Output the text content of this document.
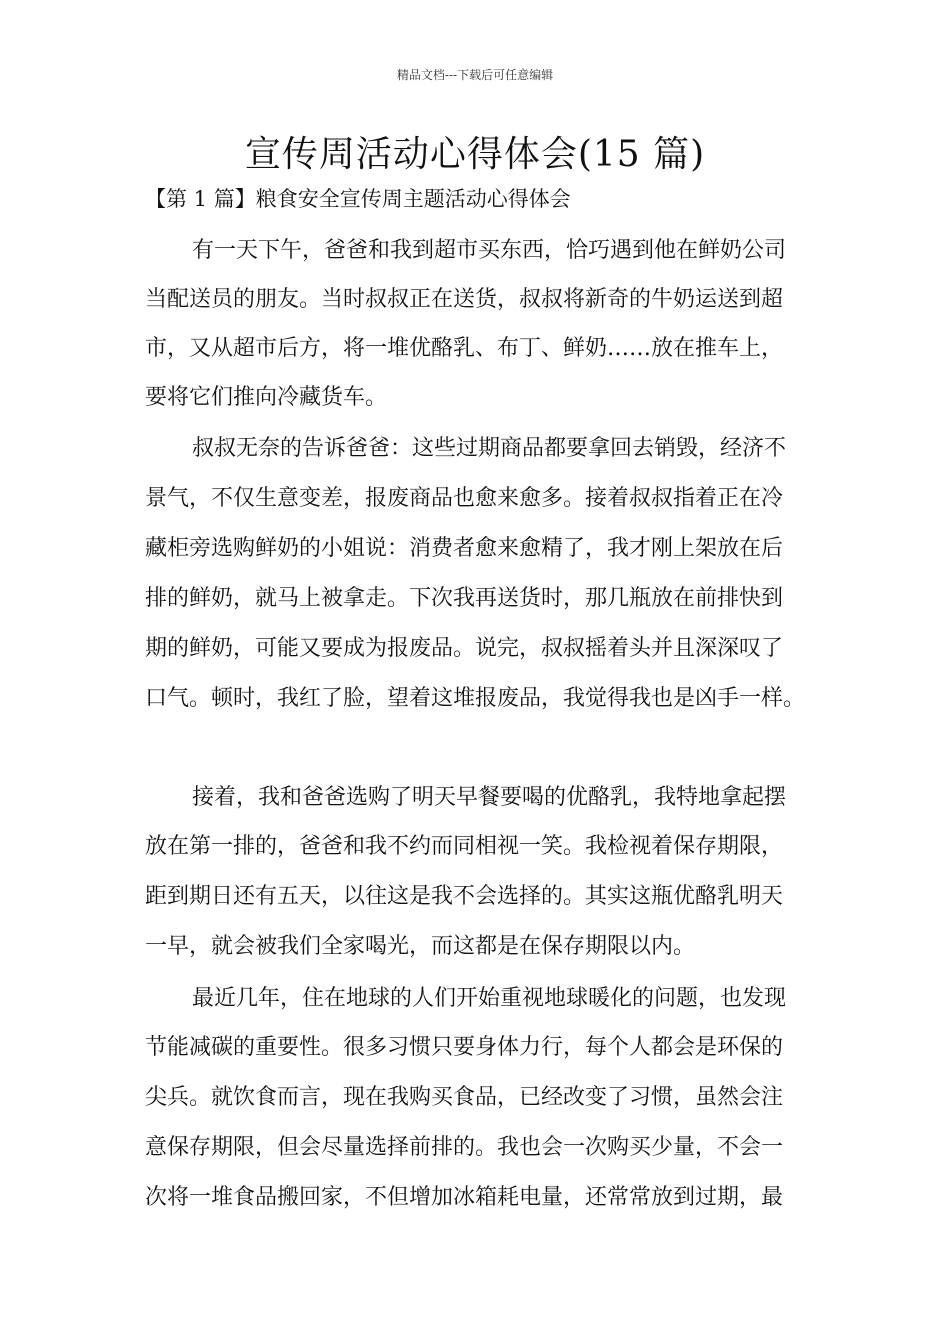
精品文档---下载后可任意编辑
宣传周活动心得体会(15 篇)
【第 1 篇】粮食安全宣传周主题活动心得体会
有一天下午，爸爸和我到超市买东西，恰巧遇到他在鲜奶公司
当配送员的朋友。当时叔叔正在送货，叔叔将新奇的牛奶运送到超
市，又从超市后方，将一堆优酪乳、布丁、鲜奶……放在推车上，
要将它们推向冷藏货车。
叔叔无奈的告诉爸爸：这些过期商品都要拿回去销毁，经济不
景气，不仅生意变差，报废商品也愈来愈多。接着叔叔指着正在冷
藏柜旁选购鲜奶的小姐说：消费者愈来愈精了，我才刚上架放在后
排的鲜奶，就马上被拿走。下次我再送货时，那几瓶放在前排快到
期的鲜奶，可能又要成为报废品。说完，叔叔摇着头并且深深叹了
口气。顿时，我红了脸，望着这堆报废品，我觉得我也是凶手一样。
接着，我和爸爸选购了明天早餐要喝的优酪乳，我特地拿起摆
放在第一排的，爸爸和我不约而同相视一笑。我检视着保存期限，
距到期日还有五天，以往这是我不会选择的。其实这瓶优酪乳明天
一早，就会被我们全家喝光，而这都是在保存期限以内。
最近几年，住在地球的人们开始重视地球暖化的问题，也发现
节能减碳的重要性。很多习惯只要身体力行，每个人都会是环保的
尖兵。就饮食而言，现在我购买食品，已经改变了习惯，虽然会注
意保存期限，但会尽量选择前排的。我也会一次购买少量，不会一
次将一堆食品搬回家，不但增加冰箱耗电量，还常常放到过期，最
